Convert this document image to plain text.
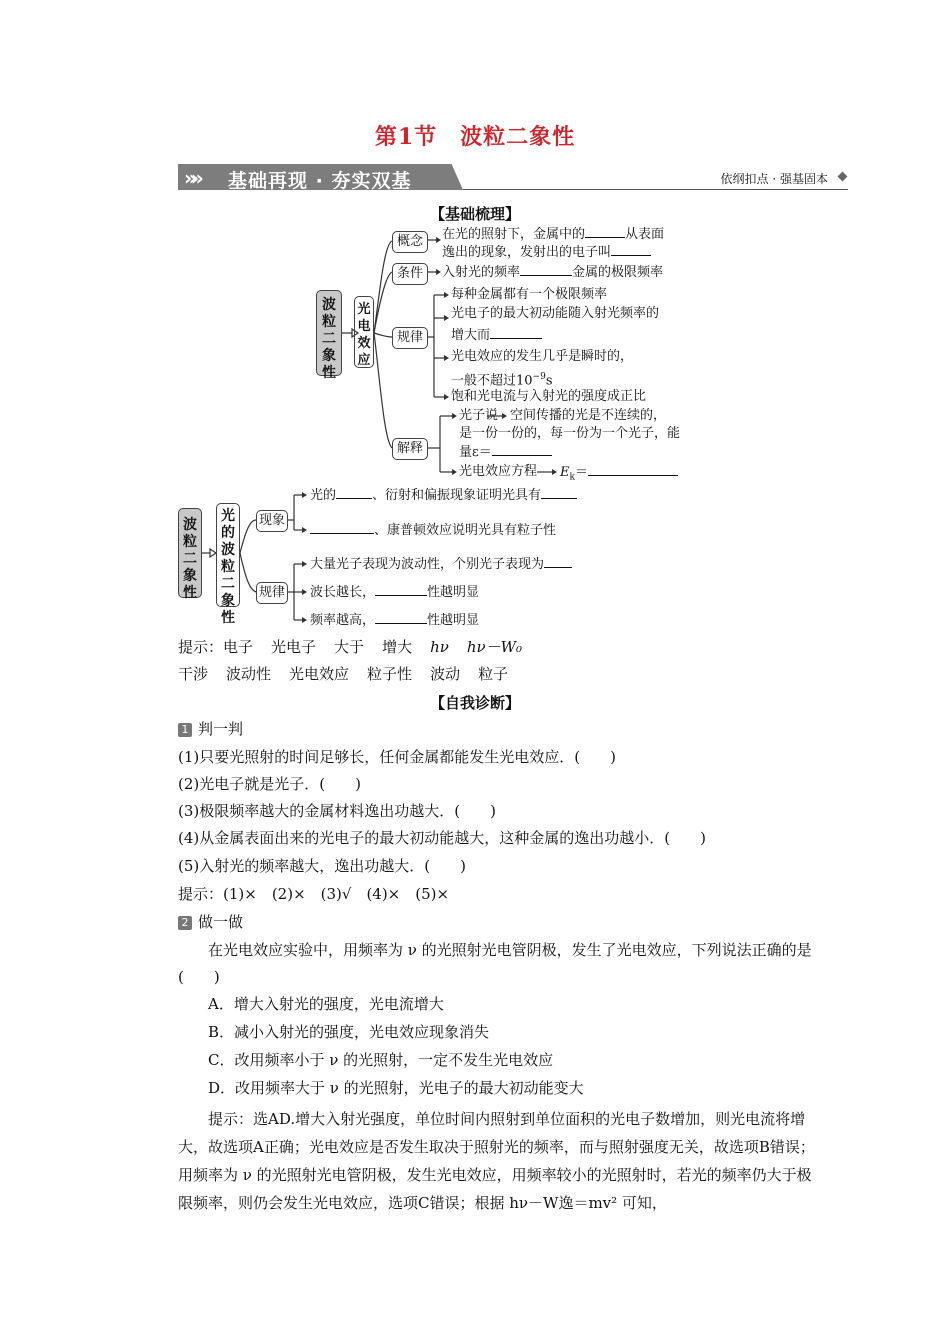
第1节　波粒二象性
»» 基础再现 · 夯实双基	依纲扣点 · 强基固本
【基础梳理】
波粒二象性
光电效应
概念
条件
规律
解释
在光的照射下，金属中的	从表面
逸出的现象，发射出的电子叫
入射光的频率	金属的极限频率
每种金属都有一个极限频率
光电子的最大初动能随入射光频率的
增大而
光电效应的发生几乎是瞬时的，
一般不超过$10^{-9}s$
饱和光电流与入射光的强度成正比
光子说 空间传播的光是不连续的，
是一份一份的，每一份为一个光子，能
量ε＝
光电效应方程 $E_k=$
波粒二象性
光的波粒二象性
现象
规律
光的	、衍射和偏振现象证明光具有
、康普顿效应说明光具有粒子性
大量光子表现为波动性，个别光子表现为
波长越长，	性越明显
频率越高，	性越明显
提示：电子 光电子 大于 增大 hν hν－W₀
干涉 波动性 光电效应 粒子性 波动 粒子
【自我诊断】
1 判一判
(1)只要光照射的时间足够长，任何金属都能发生光电效应．(　　)
(2)光电子就是光子．(　　)
(3)极限频率越大的金属材料逸出功越大．(　　)
(4)从金属表面出来的光电子的最大初动能越大，这种金属的逸出功越小．(　　)
(5)入射光的频率越大，逸出功越大．(　　)
提示：(1)×　(2)×　(3)√　(4)×　(5)×
2 做一做
在光电效应实验中，用频率为 ν 的光照射光电管阴极，发生了光电效应，下列说法正确的是(　　)
A．增大入射光的强度，光电流增大
B．减小入射光的强度，光电效应现象消失
C．改用频率小于 ν 的光照射，一定不发生光电效应
D．改用频率大于 ν 的光照射，光电子的最大初动能变大
提示：选AD.增大入射光强度，单位时间内照射到单位面积的光电子数增加，则光电流将增大，故选项A正确；光电效应是否发生取决于照射光的频率，而与照射强度无关，故选项B错误；用频率为 ν 的光照射光电管阴极，发生光电效应，用频率较小的光照射时，若光的频率仍大于极限频率，则仍会发生光电效应，选项C错误；根据 hν－W逸＝mv² 可知，
